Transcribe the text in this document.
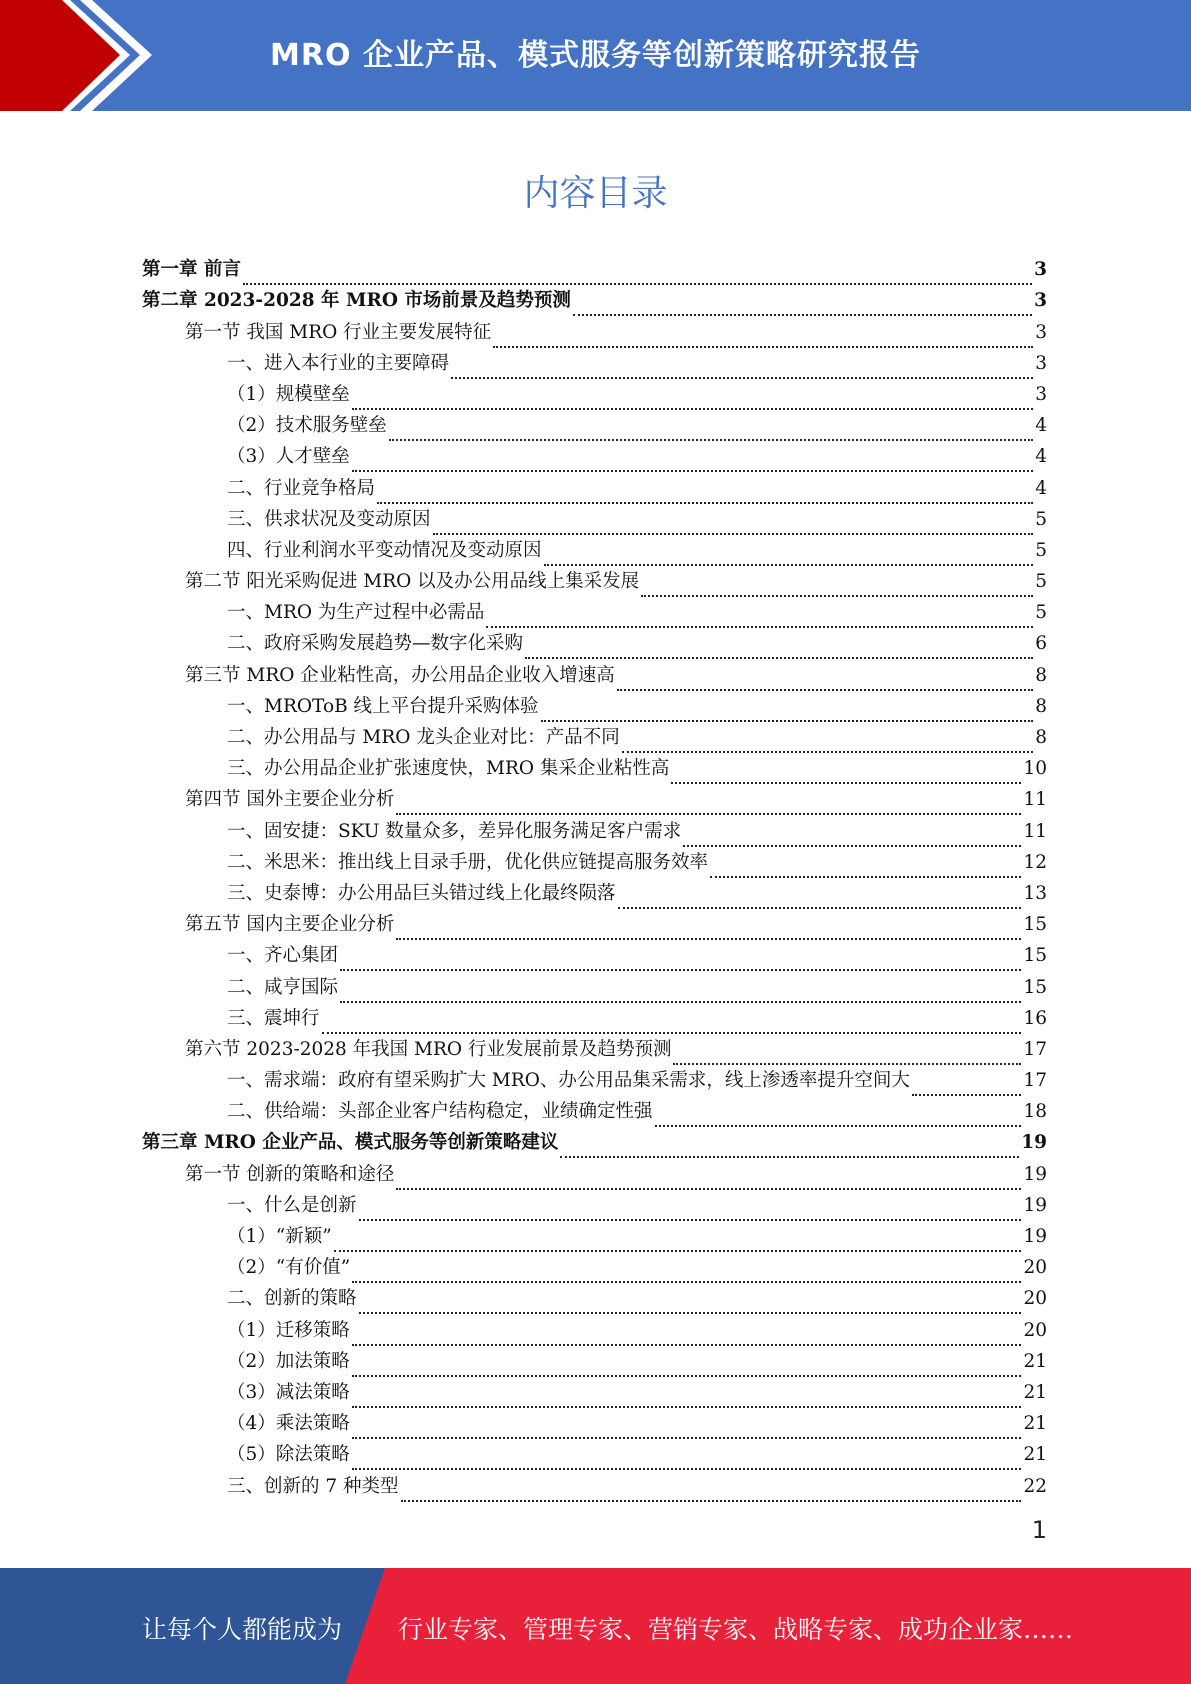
MRO 企业产品、模式服务等创新策略研究报告
内容目录
第一章 前言	3
第二章 2023-2028 年 MRO 市场前景及趋势预测	3
第一节 我国 MRO 行业主要发展特征	3
一、进入本行业的主要障碍	3
（1）规模壁垒	3
（2）技术服务壁垒	4
（3）人才壁垒	4
二、行业竞争格局	4
三、供求状况及变动原因	5
四、行业利润水平变动情况及变动原因	5
第二节 阳光采购促进 MRO 以及办公用品线上集采发展	5
一、MRO 为生产过程中必需品	5
二、政府采购发展趋势—数字化采购	6
第三节 MRO 企业粘性高，办公用品企业收入增速高	8
一、MROToB 线上平台提升采购体验	8
二、办公用品与 MRO 龙头企业对比：产品不同	8
三、办公用品企业扩张速度快，MRO 集采企业粘性高	10
第四节 国外主要企业分析	11
一、固安捷：SKU 数量众多，差异化服务满足客户需求	11
二、米思米：推出线上目录手册，优化供应链提高服务效率	12
三、史泰博：办公用品巨头错过线上化最终陨落	13
第五节 国内主要企业分析	15
一、齐心集团	15
二、咸亨国际	15
三、震坤行	16
第六节 2023-2028 年我国 MRO 行业发展前景及趋势预测	17
一、需求端：政府有望采购扩大 MRO、办公用品集采需求，线上渗透率提升空间大	17
二、供给端：头部企业客户结构稳定，业绩确定性强	18
第三章 MRO 企业产品、模式服务等创新策略建议	19
第一节 创新的策略和途径	19
一、什么是创新	19
（1）“新颖”	19
（2）“有价值”	20
二、创新的策略	20
（1）迁移策略	20
（2）加法策略	21
（3）减法策略	21
（4）乘法策略	21
（5）除法策略	21
三、创新的 7 种类型	22
1
让每个人都能成为 行业专家、管理专家、营销专家、战略专家、成功企业家……
